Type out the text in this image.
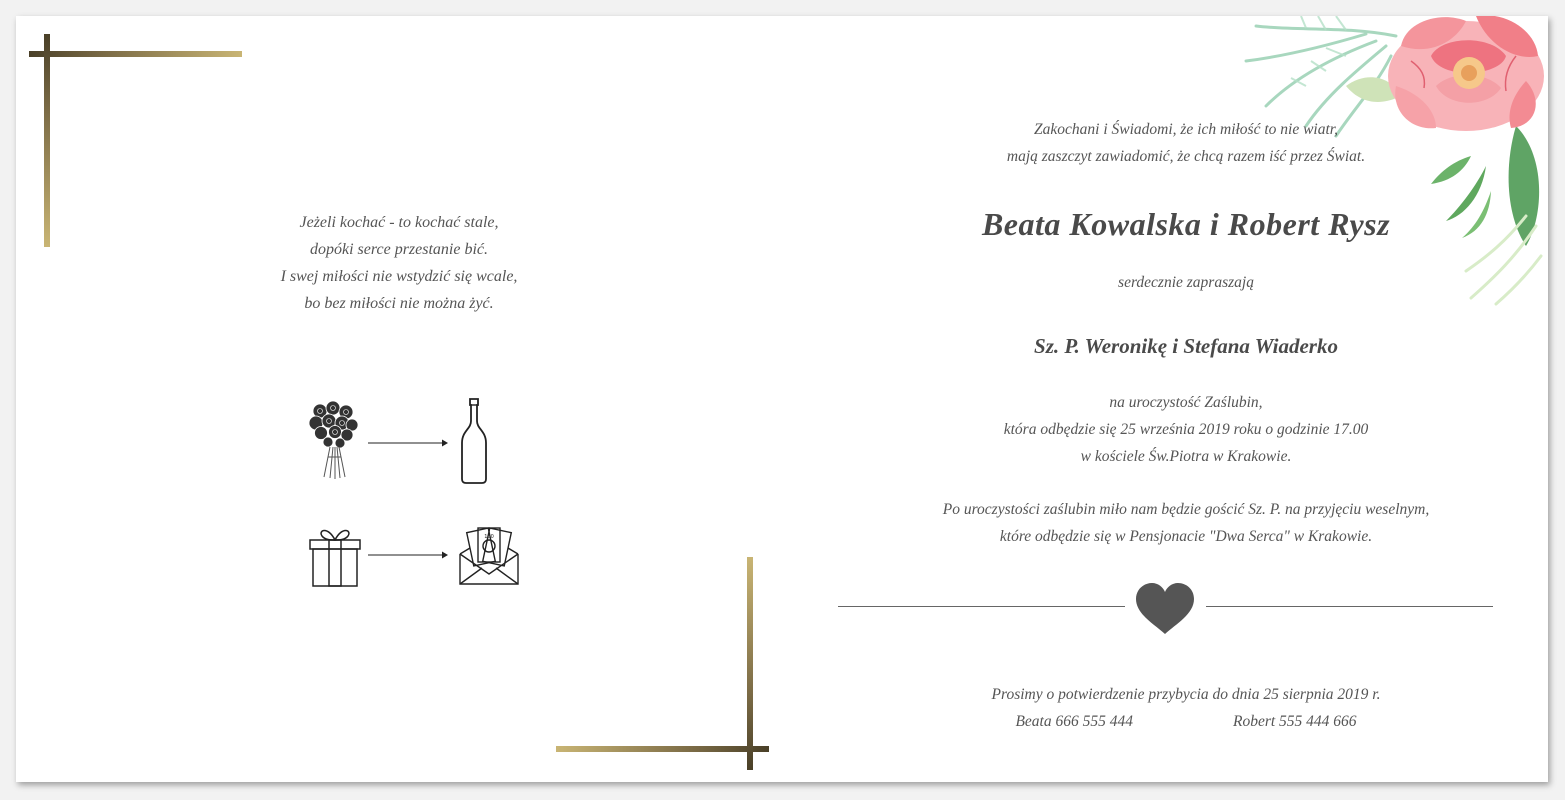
Jeżeli kochać - to kochać stale,
dopóki serce przestanie bić.
I swej miłości nie wstydzić się wcale,
bo bez miłości nie można żyć.
100
Zakochani i Świadomi, że ich miłość to nie wiatr,
mają zaszczyt zawiadomić, że chcą razem iść przez Świat.
Beata Kowalska i Robert Rysz
serdecznie zapraszają
Sz. P. Weronikę i Stefana Wiaderko
na uroczystość Zaślubin,
która odbędzie się 25 września 2019 roku o godzinie 17.00
w kościele Św.Piotra w Krakowie.
Po uroczystości zaślubin miło nam będzie gościć Sz. P. na przyjęciu weselnym,
które odbędzie się w Pensjonacie "Dwa Serca" w Krakowie.
Prosimy o potwierdzenie przybycia do dnia 25 sierpnia 2019 r.
Beata 666 555 444	Robert 555 444 666
